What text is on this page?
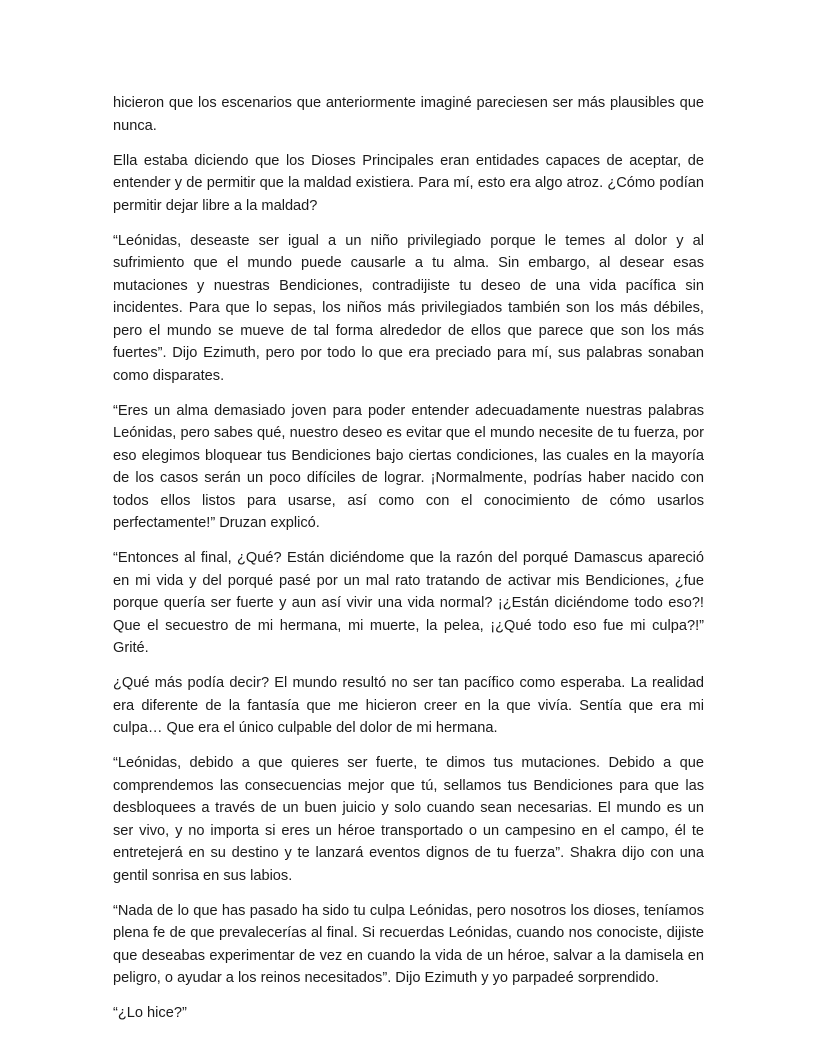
hicieron que los escenarios que anteriormente imaginé pareciesen ser más plausibles que nunca.

Ella estaba diciendo que los Dioses Principales eran entidades capaces de aceptar, de entender y de permitir que la maldad existiera. Para mí, esto era algo atroz. ¿Cómo podían permitir dejar libre a la maldad?

“Leónidas, deseaste ser igual a un niño privilegiado porque le temes al dolor y al sufrimiento que el mundo puede causarle a tu alma. Sin embargo, al desear esas mutaciones y nuestras Bendiciones, contradijiste tu deseo de una vida pacífica sin incidentes. Para que lo sepas, los niños más privilegiados también son los más débiles, pero el mundo se mueve de tal forma alrededor de ellos que parece que son los más fuertes”. Dijo Ezimuth, pero por todo lo que era preciado para mí, sus palabras sonaban como disparates.

“Eres un alma demasiado joven para poder entender adecuadamente nuestras palabras Leónidas, pero sabes qué, nuestro deseo es evitar que el mundo necesite de tu fuerza, por eso elegimos bloquear tus Bendiciones bajo ciertas condiciones, las cuales en la mayoría de los casos serán un poco difíciles de lograr. ¡Normalmente, podrías haber nacido con todos ellos listos para usarse, así como con el conocimiento de cómo usarlos perfectamente!” Druzan explicó.

“Entonces al final, ¿Qué? Están diciéndome que la razón del porqué Damascus apareció en mi vida y del porqué pasé por un mal rato tratando de activar mis Bendiciones, ¿fue porque quería ser fuerte y aun así vivir una vida normal? ¡¿Están diciéndome todo eso?! Que el secuestro de mi hermana, mi muerte, la pelea, ¡¿Qué todo eso fue mi culpa?!” Grité.

¿Qué más podía decir? El mundo resultó no ser tan pacífico como esperaba. La realidad era diferente de la fantasía que me hicieron creer en la que vivía. Sentía que era mi culpa… Que era el único culpable del dolor de mi hermana.

“Leónidas, debido a que quieres ser fuerte, te dimos tus mutaciones. Debido a que comprendemos las consecuencias mejor que tú, sellamos tus Bendiciones para que las desbloquees a través de un buen juicio y solo cuando sean necesarias. El mundo es un ser vivo, y no importa si eres un héroe transportado o un campesino en el campo, él te entretejerá en su destino y te lanzará eventos dignos de tu fuerza”. Shakra dijo con una gentil sonrisa en sus labios.

“Nada de lo que has pasado ha sido tu culpa Leónidas, pero nosotros los dioses, teníamos plena fe de que prevalecerías al final. Si recuerdas Leónidas, cuando nos conociste, dijiste que deseabas experimentar de vez en cuando la vida de un héroe, salvar a la damisela en peligro, o ayudar a los reinos necesitados”. Dijo Ezimuth y yo parpadeé sorprendido.

“¿Lo hice?”
